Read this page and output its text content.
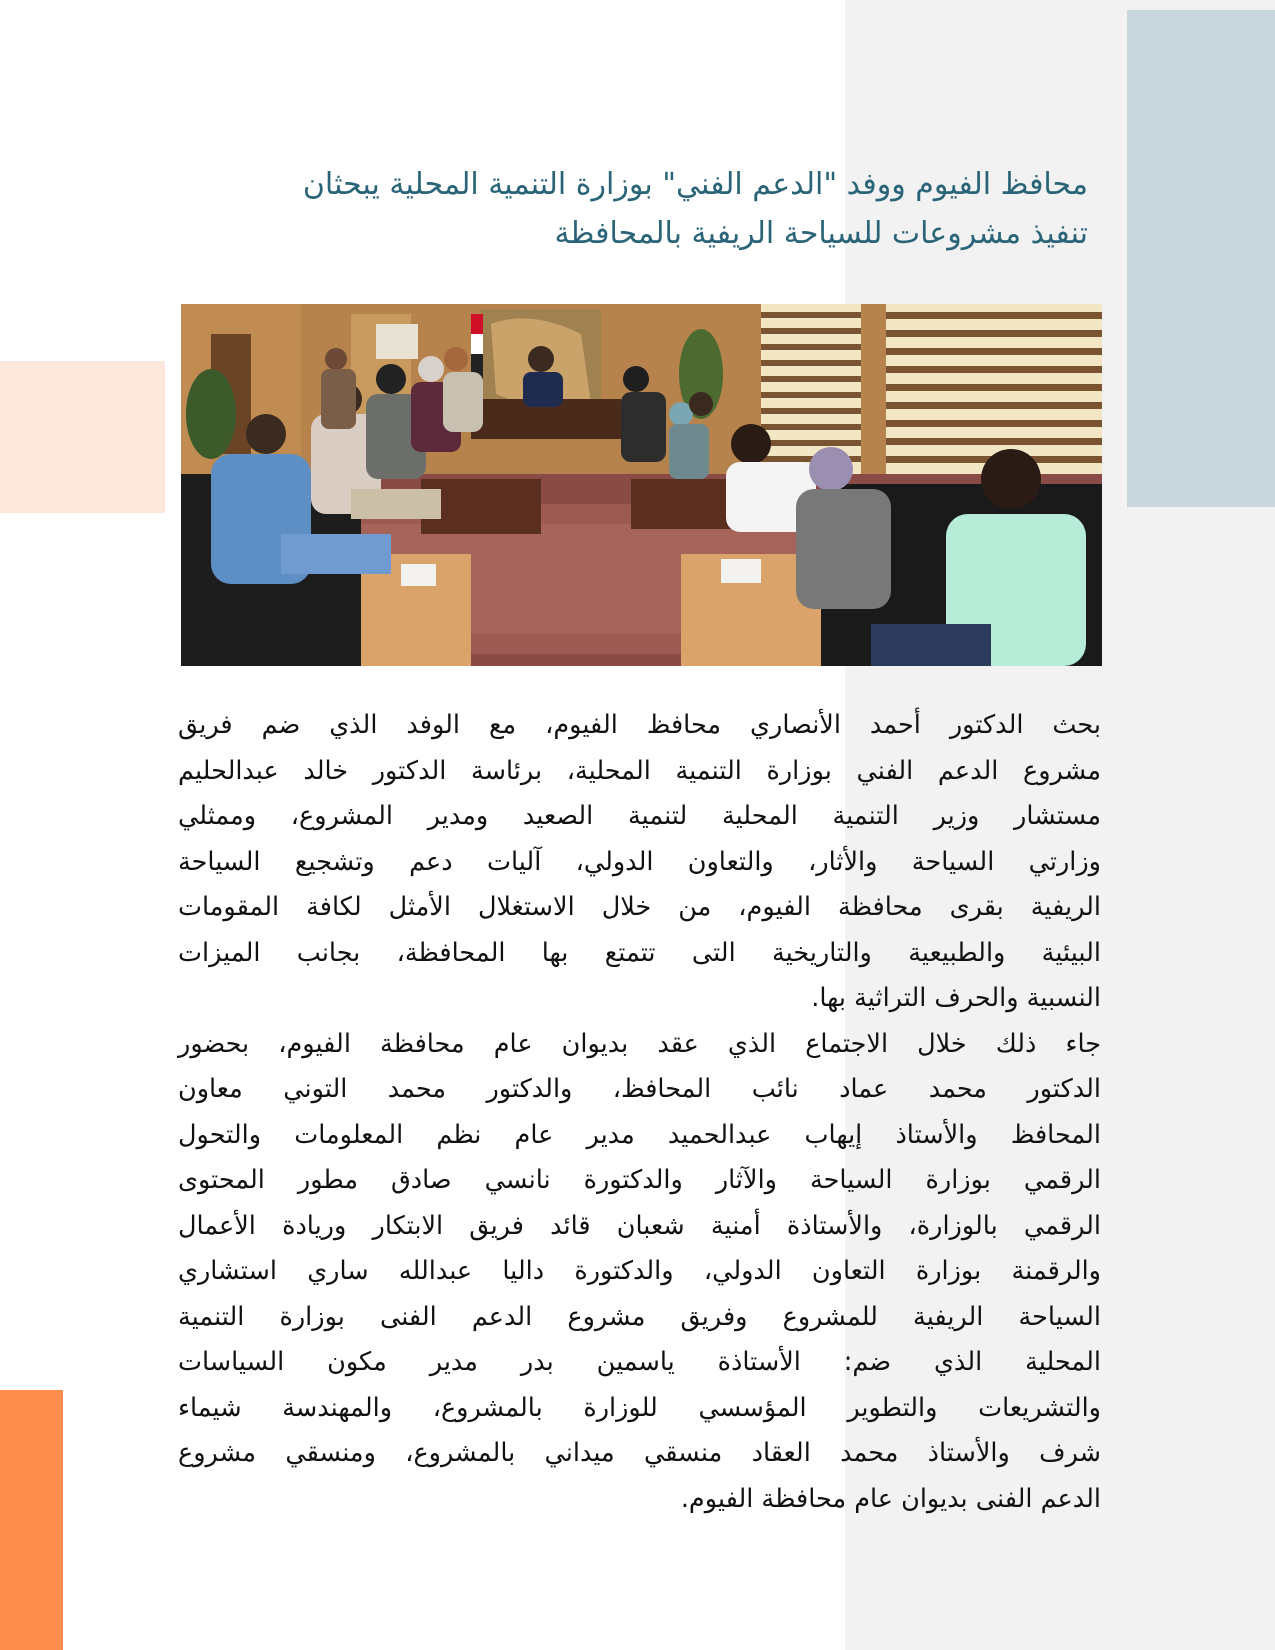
محافظ الفيوم ووفد "الدعم الفني" بوزارة التنمية المحلية يبحثان
تنفيذ مشروعات للسياحة الريفية بالمحافظة
بحث الدكتور أحمد الأنصاري محافظ الفيوم، مع الوفد الذي ضم فريق
مشروع الدعم الفني بوزارة التنمية المحلية، برئاسة الدكتور خالد عبدالحليم
مستشار وزير التنمية المحلية لتنمية الصعيد ومدير المشروع، وممثلي
وزارتي السياحة والأثار، والتعاون الدولي، آليات دعم وتشجيع السياحة
الريفية بقرى محافظة الفيوم، من خلال الاستغلال الأمثل لكافة المقومات
البيئية والطبيعية والتاريخية التى تتمتع بها المحافظة، بجانب الميزات
النسبية والحرف التراثية بها.
جاء ذلك خلال الاجتماع الذي عقد بديوان عام محافظة الفيوم، بحضور
الدكتور محمد عماد نائب المحافظ، والدكتور محمد التوني معاون
المحافظ والأستاذ إيهاب عبدالحميد مدير عام نظم المعلومات والتحول
الرقمي بوزارة السياحة والآثار والدكتورة نانسي صادق مطور المحتوى
الرقمي بالوزارة، والأستاذة أمنية شعبان قائد فريق الابتكار وريادة الأعمال
والرقمنة بوزارة التعاون الدولي، والدكتورة داليا عبدالله ساري استشاري
السياحة الريفية للمشروع وفريق مشروع الدعم الفنى بوزارة التنمية
المحلية الذي ضم: الأستاذة ياسمين بدر مدير مكون السياسات
والتشريعات والتطوير المؤسسي للوزارة بالمشروع، والمهندسة شيماء
شرف والأستاذ محمد العقاد منسقي ميداني بالمشروع، ومنسقي مشروع
الدعم الفنى بديوان عام محافظة الفيوم.
